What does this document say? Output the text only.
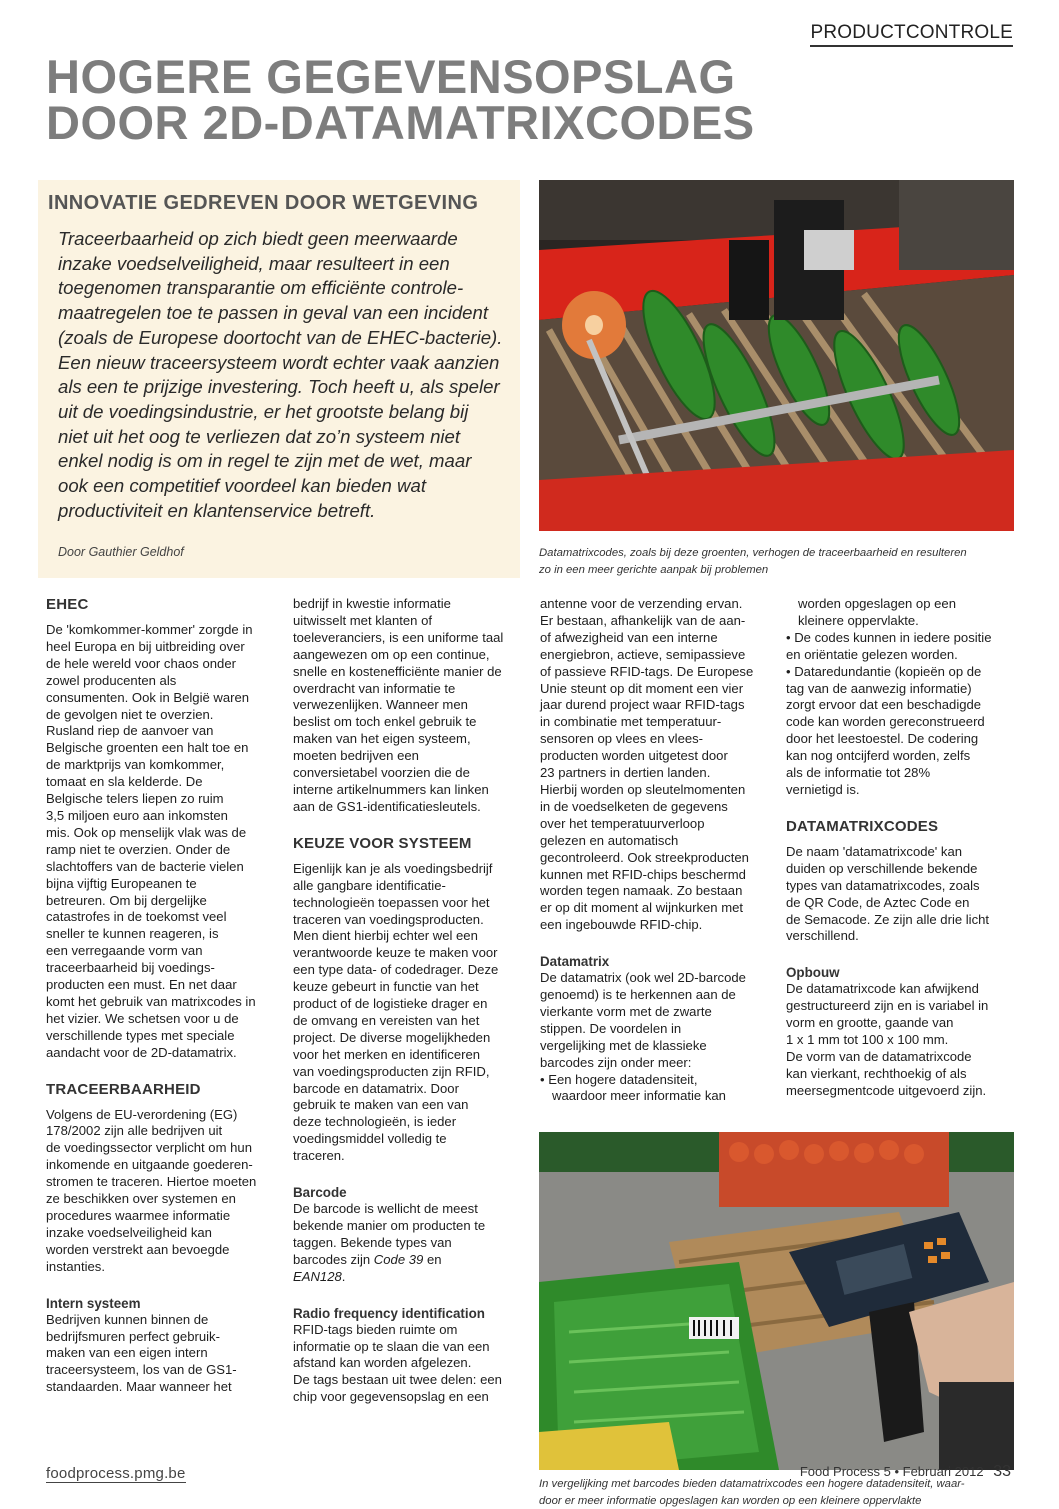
PRODUCTCONTROLE
HOGERE GEGEVENSOPSLAG
DOOR 2D-DATAMATRIXCODES
INNOVATIE GEDREVEN DOOR WETGEVING
Traceerbaarheid op zich biedt geen meerwaarde
inzake voedselveiligheid, maar resulteert in een
toegenomen transparantie om efficiënte controle-
maatregelen toe te passen in geval van een incident
(zoals de Europese doortocht van de EHEC-bacterie).
Een nieuw traceersysteem wordt echter vaak aanzien
als een te prijzige investering. Toch heeft u, als speler
uit de voedingsindustrie, er het grootste belang bij
niet uit het oog te verliezen dat zo’n systeem niet
enkel nodig is om in regel te zijn met de wet, maar
ook een competitief voordeel kan bieden wat
productiviteit en klantenservice betreft.
Door Gauthier Geldhof	Datamatrixcodes, zoals bij deze groenten, verhogen de traceerbaarheid en resulteren
zo in een meer gerichte aanpak bij problemen
In vergelijking met barcodes bieden datamatrixcodes een hogere datadensiteit, waar-
door er meer informatie opgeslagen kan worden op een kleinere oppervlakte

EHEC

De 'komkommer-kommer' zorgde in
heel Europa en bij uitbreiding over
de hele wereld voor chaos onder
zowel producenten als
consumenten. Ook in België waren
de gevolgen niet te overzien.
Rusland riep de aanvoer van
Belgische groenten een halt toe en
de marktprijs van komkommer,
tomaat en sla kelderde. De
Belgische telers liepen zo ruim
3,5 miljoen euro aan inkomsten
mis. Ook op menselijk vlak was de
ramp niet te overzien. Onder de
slachtoffers van de bacterie vielen
bijna vijftig Europeanen te
betreuren. Om bij dergelijke
catastrofes in de toekomst veel
sneller te kunnen reageren, is
een verregaande vorm van
traceerbaarheid bij voedings-
producten een must. En net daar
komt het gebruik van matrixcodes in
het vizier. We schetsen voor u de
verschillende types met speciale
aandacht voor de 2D-datamatrix.

TRACEERBAARHEID

Volgens de EU-verordening (EG)
178/2002 zijn alle bedrijven uit
de voedingssector verplicht om hun
inkomende en uitgaande goederen-
stromen te traceren. Hiertoe moeten
ze beschikken over systemen en
procedures waarmee informatie
inzake voedselveiligheid kan
worden verstrekt aan bevoegde
instanties.

Intern systeem

Bedrijven kunnen binnen de
bedrijfsmuren perfect gebruik-
maken van een eigen intern
traceersysteem, los van de GS1-
standaarden. Maar wanneer het
bedrijf in kwestie informatie
uitwisselt met klanten of
toeleveranciers, is een uniforme taal
aangewezen om op een continue,
snelle en kostenefficiënte manier de
overdracht van informatie te
verwezenlijken. Wanneer men
beslist om toch enkel gebruik te
maken van het eigen systeem,
moeten bedrijven een
conversietabel voorzien die de
interne artikelnummers kan linken
aan de GS1-identificatiesleutels.

KEUZE VOOR SYSTEEM

Eigenlijk kan je als voedingsbedrijf
alle gangbare identificatie-
technologieën toepassen voor het
traceren van voedingsproducten.
Men dient hierbij echter wel een
verantwoorde keuze te maken voor
een type data- of codedrager. Deze
keuze gebeurt in functie van het
product of de logistieke drager en
de omvang en vereisten van het
project. De diverse mogelijkheden
voor het merken en identificeren
van voedingsproducten zijn RFID,
barcode en datamatrix. Door
gebruik te maken van een van
deze technologieën, is ieder
voedingsmiddel volledig te
traceren.

Barcode

De barcode is wellicht de meest
bekende manier om producten te
taggen. Bekende types van
barcodes zijn Code 39 en
EAN128.

Radio frequency identification

RFID-tags bieden ruimte om
informatie op te slaan die van een
afstand kan worden afgelezen.
De tags bestaan uit twee delen: een
chip voor gegevensopslag en een
antenne voor de verzending ervan.
Er bestaan, afhankelijk van de aan-
of afwezigheid van een interne
energiebron, actieve, semipassieve
of passieve RFID-tags. De Europese
Unie steunt op dit moment een vier
jaar durend project waar RFID-tags
in combinatie met temperatuur-
sensoren op vlees en vlees-
producten worden uitgetest door
23 partners in dertien landen.
Hierbij worden op sleutelmomenten
in de voedselketen de gegevens
over het temperatuurverloop
gelezen en automatisch
gecontroleerd. Ook streekproducten
kunnen met RFID-chips beschermd
worden tegen namaak. Zo bestaan
er op dit moment al wijnkurken met
een ingebouwde RFID-chip.

Datamatrix

De datamatrix (ook wel 2D-barcode
genoemd) is te herkennen aan de
vierkante vorm met de zwarte
stippen. De voordelen in
vergelijking met de klassieke
barcodes zijn onder meer:
• Een hogere datadensiteit,
waardoor meer informatie kan
worden opgeslagen op een
kleinere oppervlakte.
• De codes kunnen in iedere positie
en oriëntatie gelezen worden.
• Dataredundantie (kopieën op de
tag van de aanwezig informatie)
zorgt ervoor dat een beschadigde
code kan worden gereconstrueerd
door het leestoestel. De codering
kan nog ontcijferd worden, zelfs
als de informatie tot 28%
vernietigd is.

DATAMATRIXCODES

De naam 'datamatrixcode' kan
duiden op verschillende bekende
types van datamatrixcodes, zoals
de QR Code, de Aztec Code en
de Semacode. Ze zijn alle drie licht
verschillend.

Opbouw

De datamatrixcode kan afwijkend
gestructureerd zijn en is variabel in
vorm en grootte, gaande van
1 x 1 mm tot 100 x 100 mm.
De vorm van de datamatrixcode
kan vierkant, rechthoekig of als
meersegmentcode uitgevoerd zijn.
foodprocess.pmg.be	Food Process 5 • Februari 2012 33
